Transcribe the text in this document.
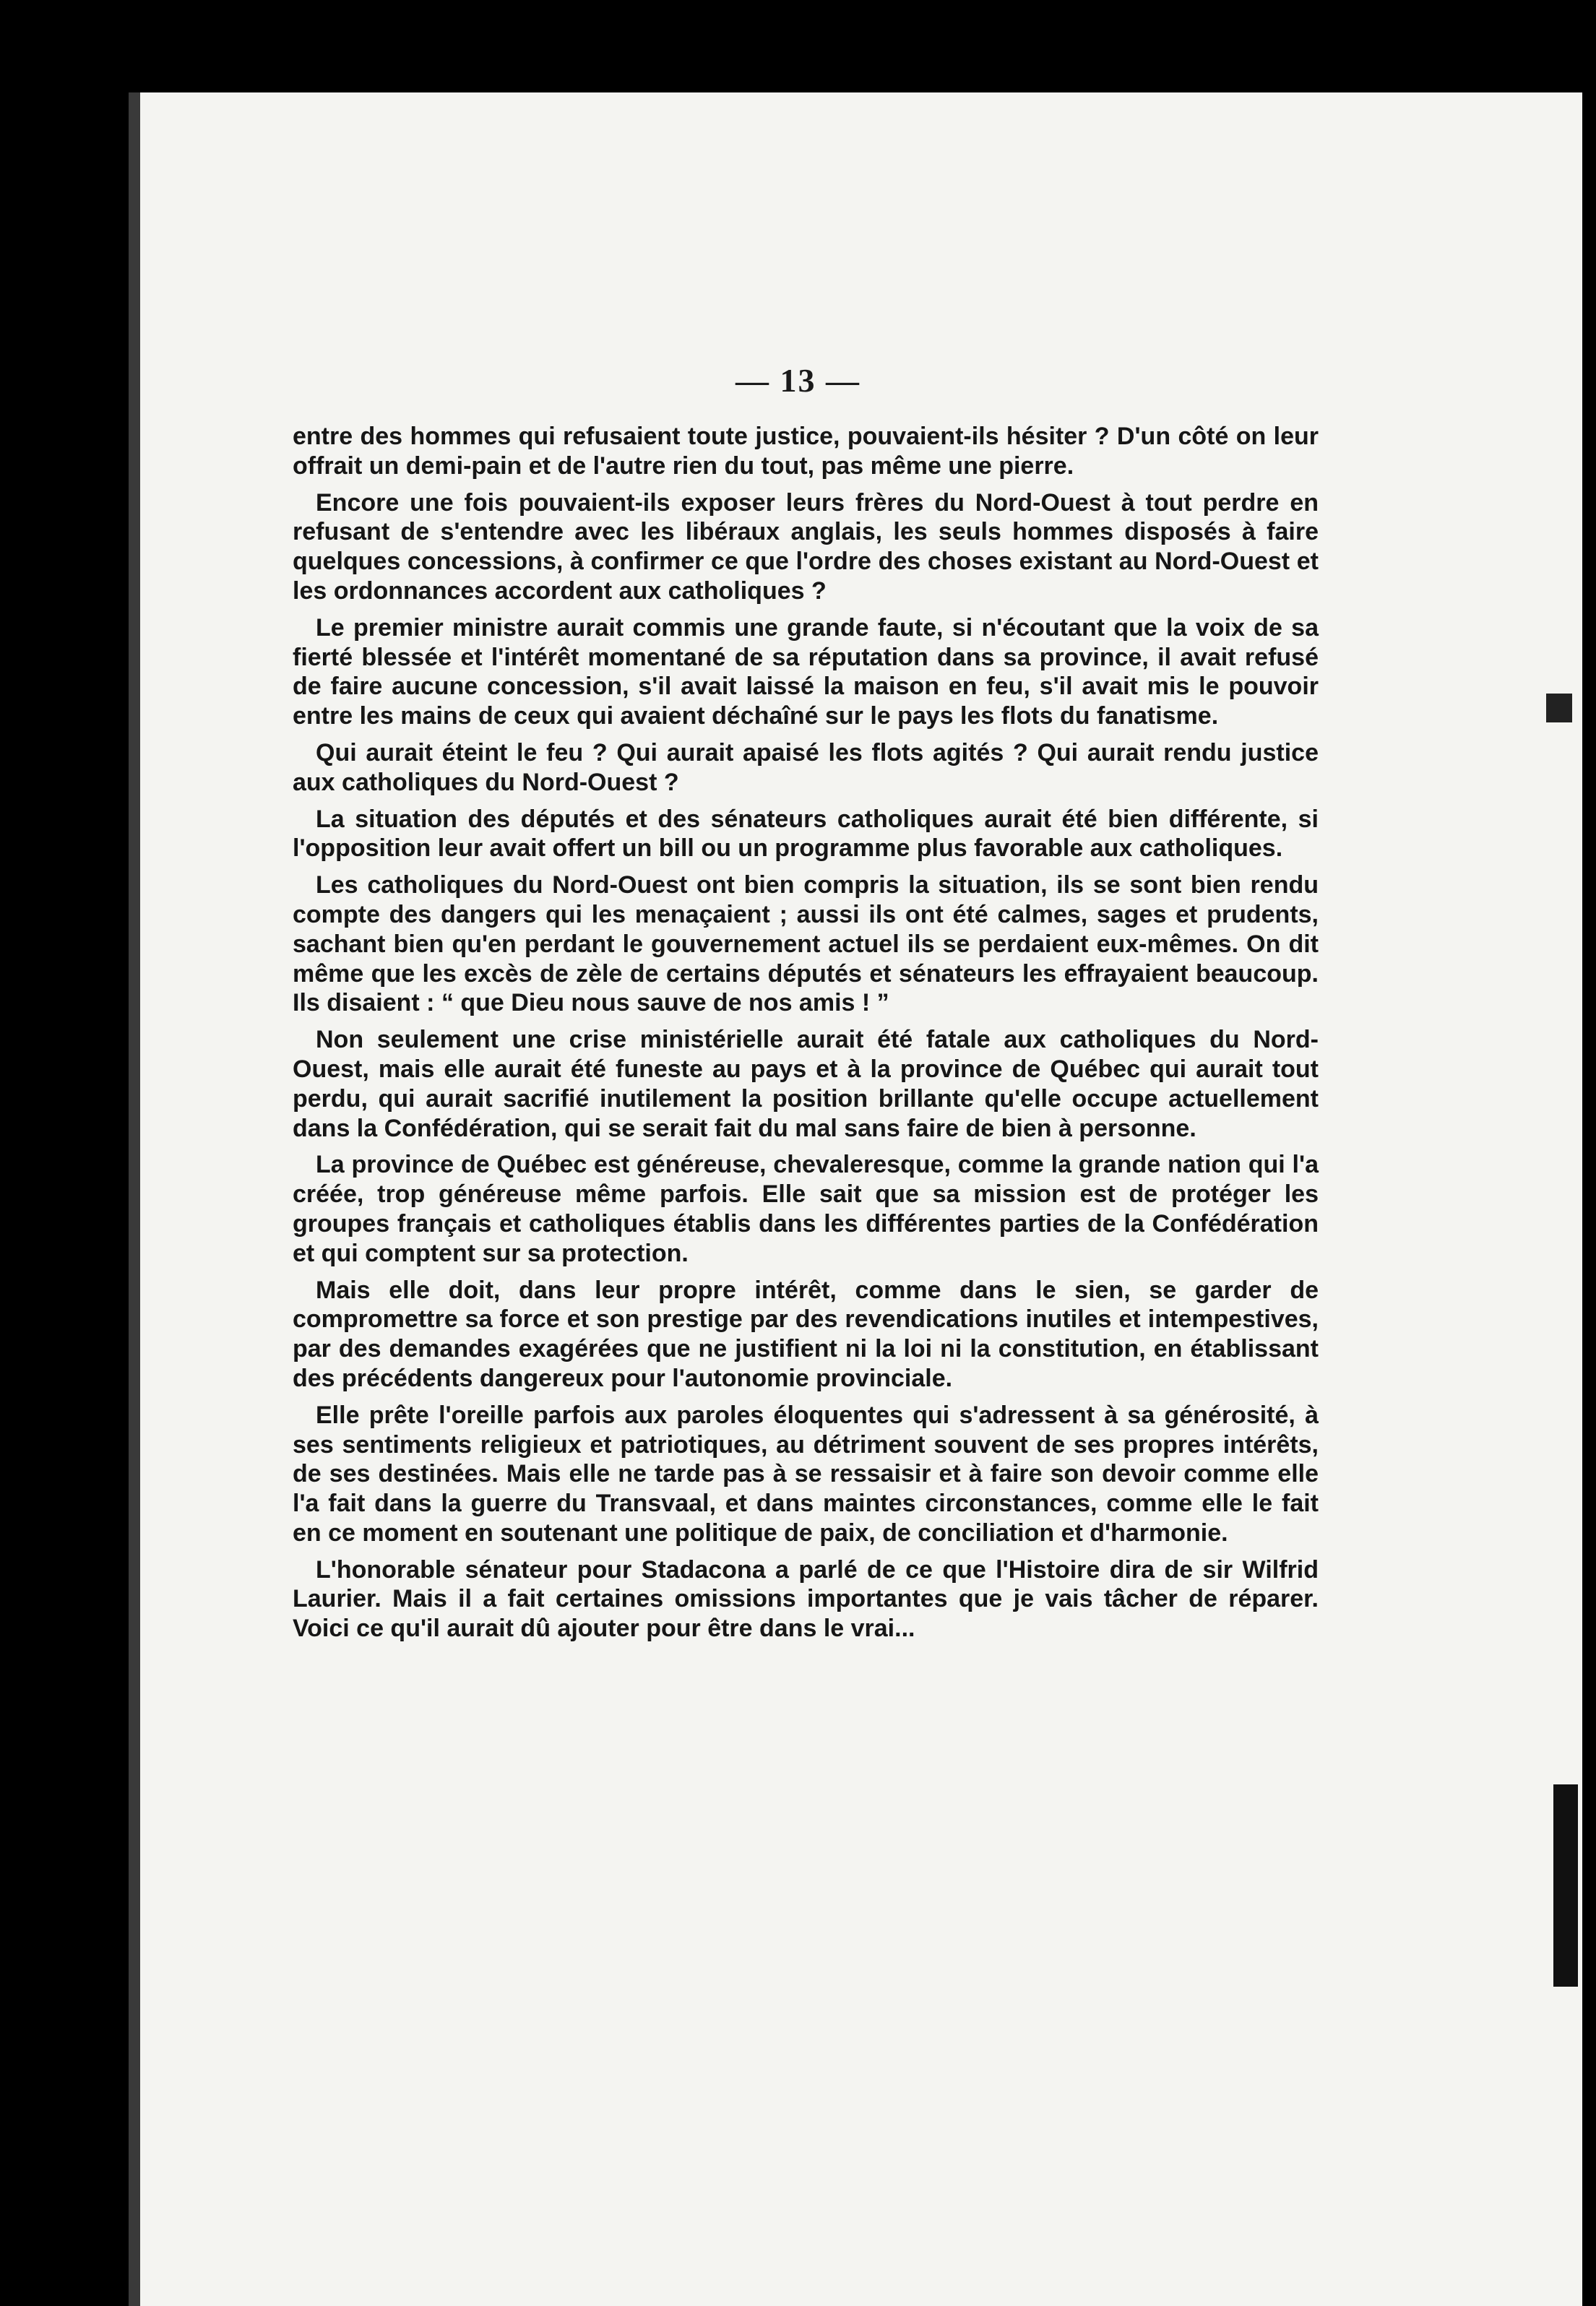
— 13 —

entre des hommes qui refusaient toute justice, pouvaient-ils hésiter ? D'un côté on leur offrait un demi-pain et de l'autre rien du tout, pas même une pierre.

Encore une fois pouvaient-ils exposer leurs frères du Nord-Ouest à tout perdre en refusant de s'entendre avec les libéraux anglais, les seuls hommes disposés à faire quelques concessions, à confirmer ce que l'ordre des choses existant au Nord-Ouest et les ordonnances accordent aux catholiques ?

Le premier ministre aurait commis une grande faute, si n'écoutant que la voix de sa fierté blessée et l'intérêt momentané de sa réputation dans sa province, il avait refusé de faire aucune concession, s'il avait laissé la maison en feu, s'il avait mis le pouvoir entre les mains de ceux qui avaient déchaîné sur le pays les flots du fanatisme.

Qui aurait éteint le feu ? Qui aurait apaisé les flots agités ? Qui aurait rendu justice aux catholiques du Nord-Ouest ?

La situation des députés et des sénateurs catholiques aurait été bien différente, si l'opposition leur avait offert un bill ou un programme plus favorable aux catholiques.

Les catholiques du Nord-Ouest ont bien compris la situation, ils se sont bien rendu compte des dangers qui les menaçaient ; aussi ils ont été calmes, sages et prudents, sachant bien qu'en perdant le gouvernement actuel ils se perdaient eux-mêmes. On dit même que les excès de zèle de certains députés et sénateurs les effrayaient beaucoup. Ils disaient : “ que Dieu nous sauve de nos amis ! ”

Non seulement une crise ministérielle aurait été fatale aux catholiques du Nord-Ouest, mais elle aurait été funeste au pays et à la province de Québec qui aurait tout perdu, qui aurait sacrifié inutilement la position brillante qu'elle occupe actuellement dans la Confédération, qui se serait fait du mal sans faire de bien à personne.

La province de Québec est généreuse, chevaleresque, comme la grande nation qui l'a créée, trop généreuse même parfois. Elle sait que sa mission est de protéger les groupes français et catholiques établis dans les différentes parties de la Confédération et qui comptent sur sa protection.

Mais elle doit, dans leur propre intérêt, comme dans le sien, se garder de compromettre sa force et son prestige par des revendications inutiles et intempestives, par des demandes exagérées que ne justifient ni la loi ni la constitution, en établissant des précédents dangereux pour l'autonomie provinciale.

Elle prête l'oreille parfois aux paroles éloquentes qui s'adressent à sa générosité, à ses sentiments religieux et patriotiques, au détriment souvent de ses propres intérêts, de ses destinées. Mais elle ne tarde pas à se ressaisir et à faire son devoir comme elle l'a fait dans la guerre du Transvaal, et dans maintes circonstances, comme elle le fait en ce moment en soutenant une politique de paix, de conciliation et d'harmonie.

L'honorable sénateur pour Stadacona a parlé de ce que l'Histoire dira de sir Wilfrid Laurier. Mais il a fait certaines omissions importantes que je vais tâcher de réparer. Voici ce qu'il aurait dû ajouter pour être dans le vrai...
